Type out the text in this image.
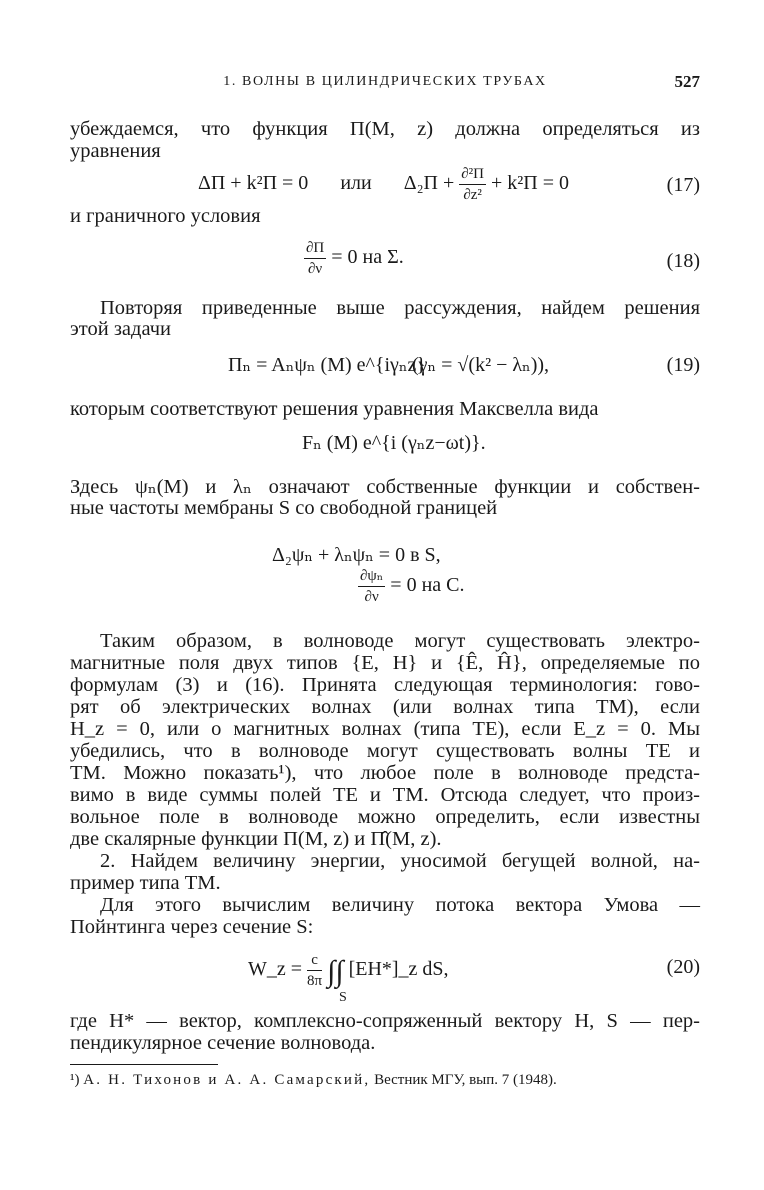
1. ВОЛНЫ В ЦИЛИНДРИЧЕСКИХ ТРУБАХ	527
убеждаемся, что функция Π(M, z) должна определяться из
уравнения
ΔΠ + k²Π = 0 или $\Delta_2\Pi + \frac{\text{∂²Π}}{\text{∂z²}} + k^2\Pi = 0$	(17)
и граничного условия
$\frac{\partial\Pi}{\partial\nu} = 0$ на Σ.	(18)
Повторяя приведенные выше рассуждения, найдем решения
этой задачи
Πₙ = Aₙψₙ (M) e^{iγₙz}
(γₙ = √(k² − λₙ)),	(19)
которым соответствуют решения уравнения Максвелла вида
Fₙ (M) e^{i (γₙz−ωt)}.
Здесь ψₙ(M) и λₙ означают собственные функции и собствен-
ные частоты мембраны S со свободной границей
Δ₂ψₙ + λₙψₙ = 0 в S,
$\frac{\text{∂ψₙ}}{\partial\nu} = 0$ на C.
Таким образом, в волноводе могут существовать электро-
магнитные поля двух типов {E, H} и {Ê, Ĥ}, определяемые по
формулам (3) и (16). Принята следующая терминология: гово-
рят об электрических волнах (или волнах типа TM), если
H_z = 0, или о магнитных волнах (типа TE), если E_z = 0. Мы
убедились, что в волноводе могут существовать волны TE и
TM. Можно показать¹), что любое поле в волноводе предста-
вимо в виде суммы полей TE и TM. Отсюда следует, что произ-
вольное поле в волноводе можно определить, если известны
две скалярные функции Π(M, z) и Π̂(M, z).
2. Найдем величину энергии, уносимой бегущей волной, на-
пример типа TM.
Для этого вычислим величину потока вектора Умова —
Пойнтинга через сечение S:
W_z = $\frac{c}{8\pi}$ ∫∫ [EH*]_z dS,
S
(20)
где H* — вектор, комплексно-сопряженный вектору H, S — пер-
пендикулярное сечение волновода.
¹) А. Н. Тихонов и А. А. Самарский, Вестник МГУ, вып. 7 (1948).
